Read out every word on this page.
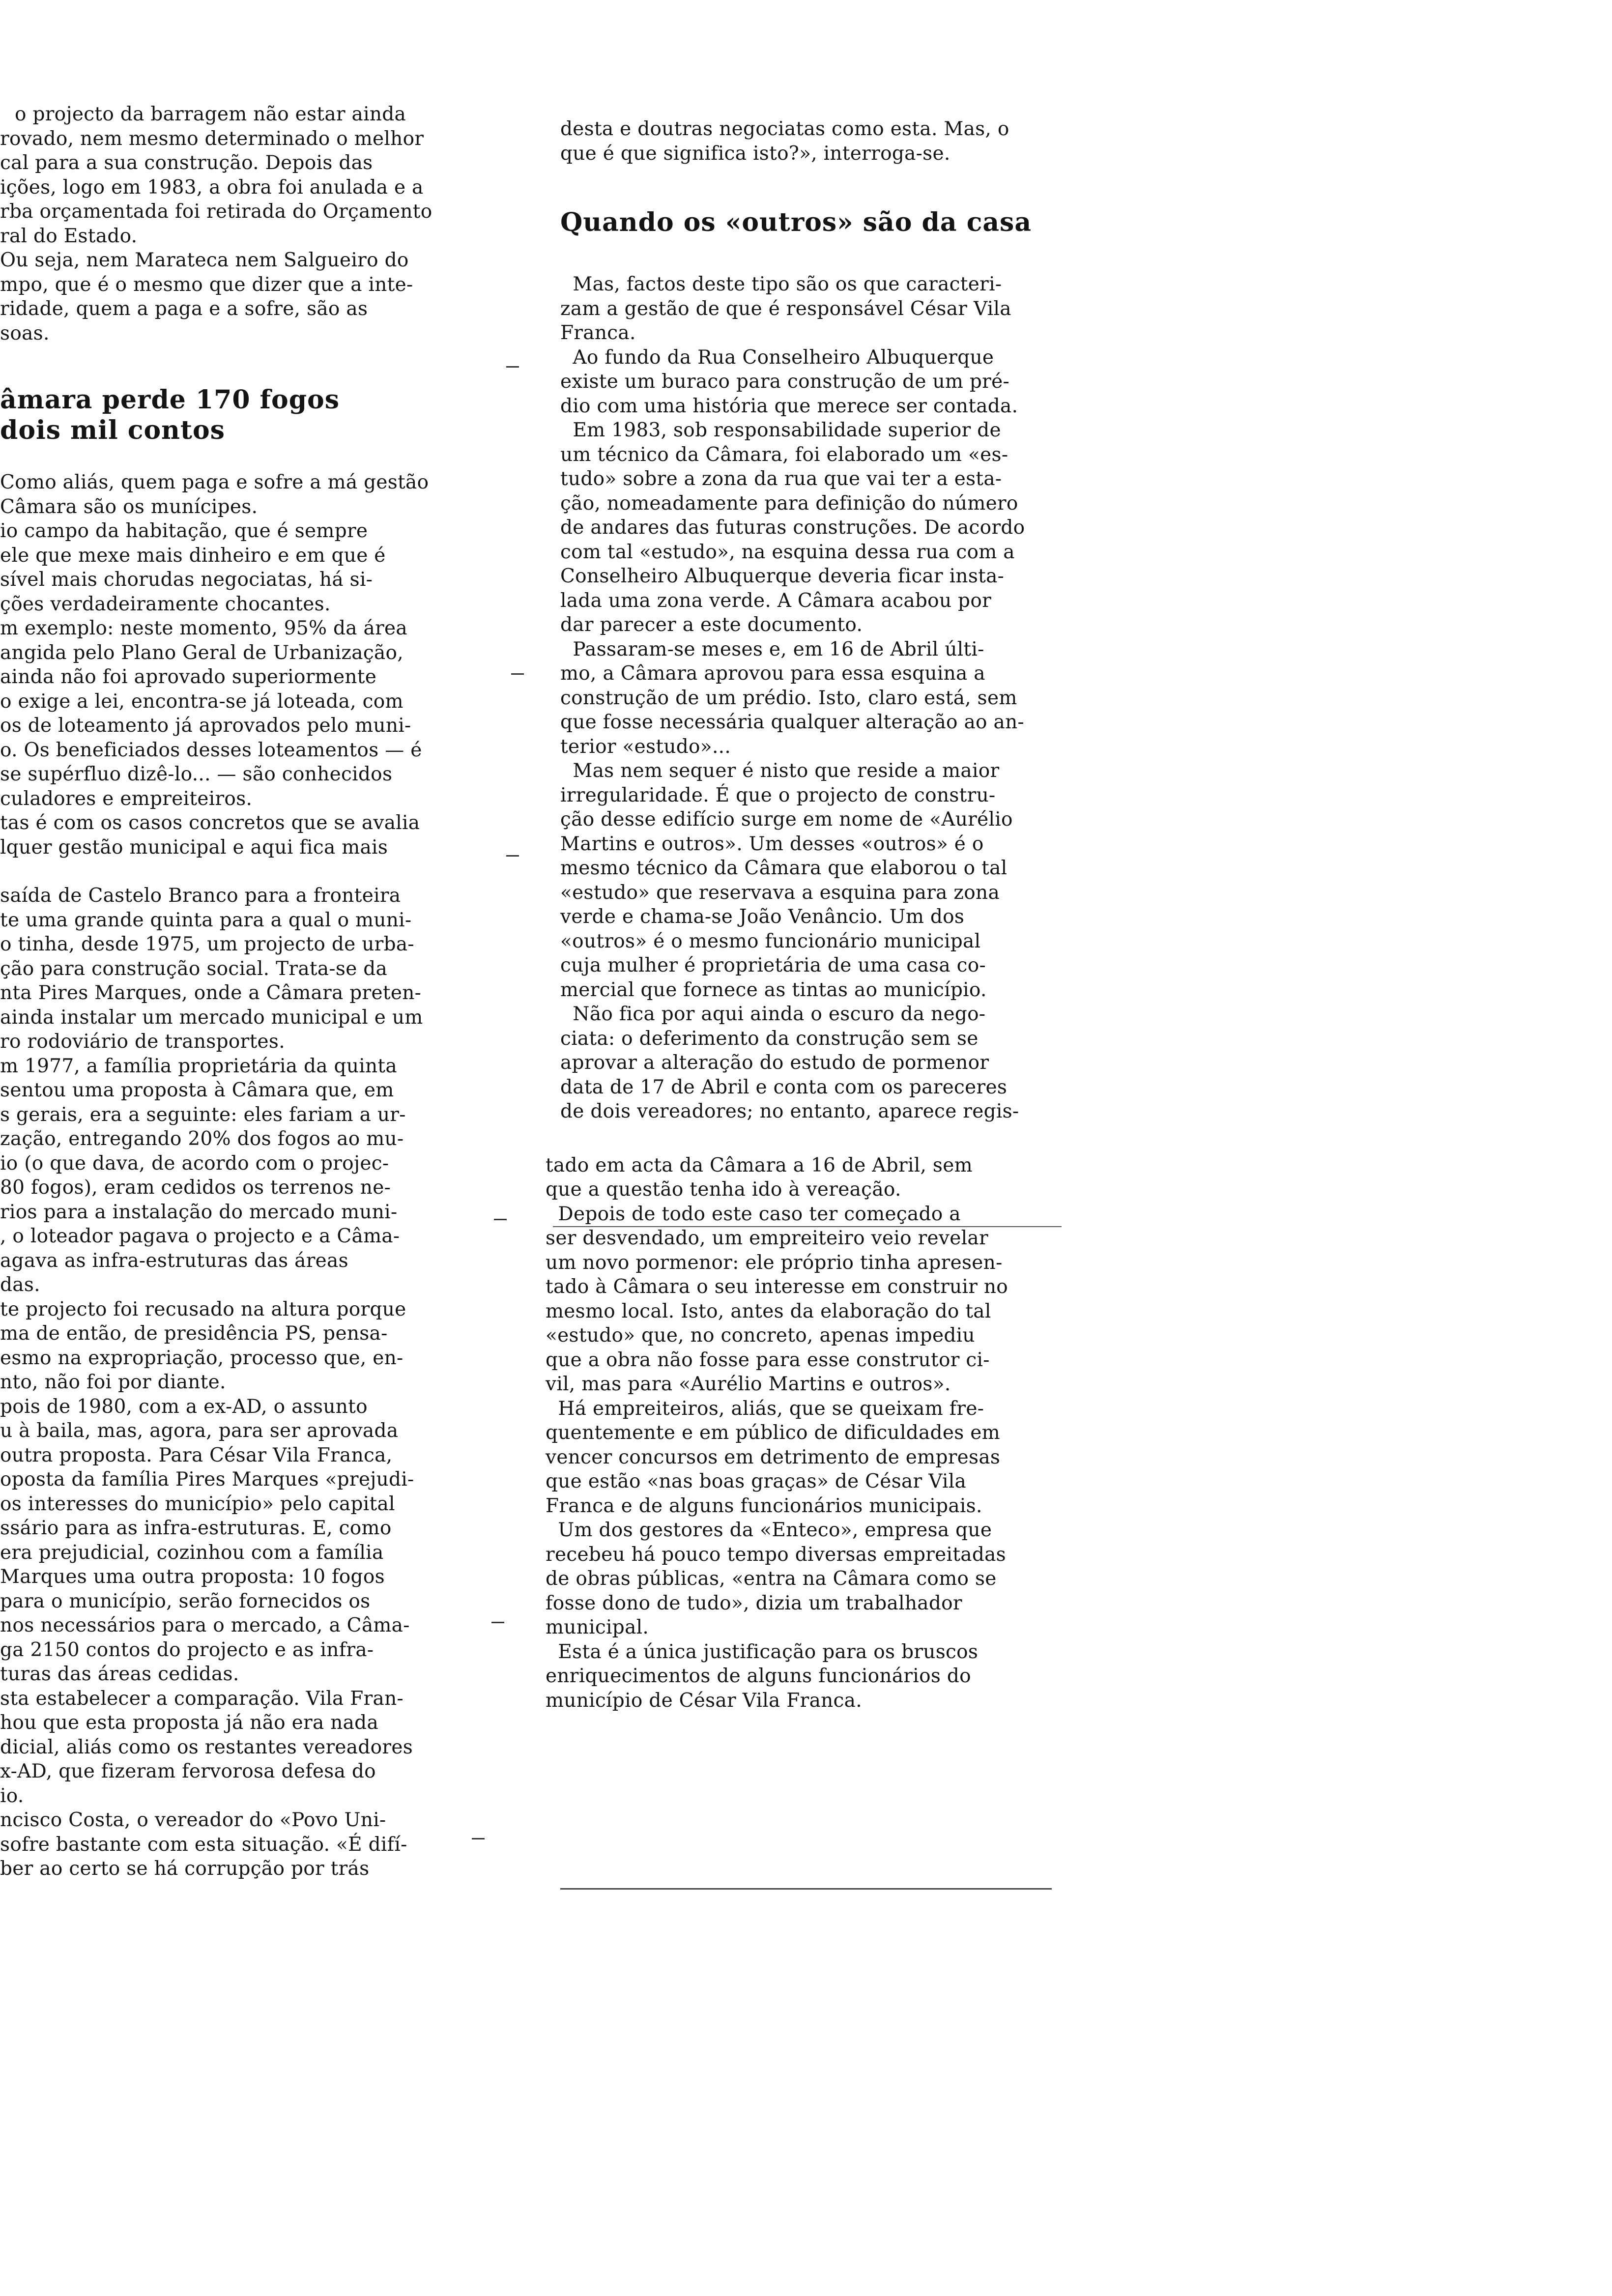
o projecto da barragem não estar ainda

rovado, nem mesmo determinado o melhor

cal para a sua construção. Depois das

ições, logo em 1983, a obra foi anulada e a

rba orçamentada foi retirada do Orçamento

ral do Estado.

Ou seja, nem Marateca nem Salgueiro do

mpo, que é o mesmo que dizer que a inte-

ridade, quem a paga e a sofre, são as

soas.

âmara perde 170 fogos

dois mil contos

Como aliás, quem paga e sofre a má gestão

Câmara são os munícipes.

io campo da habitação, que é sempre

ele que mexe mais dinheiro e em que é

sível mais chorudas negociatas, há si-

ções verdadeiramente chocantes.

m exemplo: neste momento, 95% da área

angida pelo Plano Geral de Urbanização,

ainda não foi aprovado superiormente

o exige a lei, encontra-se já loteada, com

os de loteamento já aprovados pelo muni-

o. Os beneficiados desses loteamentos — é

se supérfluo dizê-lo... — são conhecidos

culadores e empreiteiros.

tas é com os casos concretos que se avalia

lquer gestão municipal e aqui fica mais

saída de Castelo Branco para a fronteira

te uma grande quinta para a qual o muni-

o tinha, desde 1975, um projecto de urba-

ção para construção social. Trata-se da

nta Pires Marques, onde a Câmara preten-

ainda instalar um mercado municipal e um

ro rodoviário de transportes.

m 1977, a família proprietária da quinta

sentou uma proposta à Câmara que, em

s gerais, era a seguinte: eles fariam a ur-

zação, entregando 20% dos fogos ao mu-

io (o que dava, de acordo com o projec-

80 fogos), eram cedidos os terrenos ne-

rios para a instalação do mercado muni-

, o loteador pagava o projecto e a Câma-

agava as infra-estruturas das áreas

das.

te projecto foi recusado na altura porque

ma de então, de presidência PS, pensa-

esmo na expropriação, processo que, en-

nto, não foi por diante.

pois de 1980, com a ex-AD, o assunto

u à baila, mas, agora, para ser aprovada

outra proposta. Para César Vila Franca,

oposta da família Pires Marques «prejudi-

os interesses do município» pelo capital

ssário para as infra-estruturas. E, como

era prejudicial, cozinhou com a família

Marques uma outra proposta: 10 fogos

para o município, serão fornecidos os

nos necessários para o mercado, a Câma-

ga 2150 contos do projecto e as infra-

turas das áreas cedidas.

sta estabelecer a comparação. Vila Fran-

hou que esta proposta já não era nada

dicial, aliás como os restantes vereadores

x-AD, que fizeram fervorosa defesa do

io.

ncisco Costa, o vereador do «Povo Uni-

sofre bastante com esta situação. «É difí-

ber ao certo se há corrupção por trás

desta e doutras negociatas como esta. Mas, o

que é que significa isto?», interroga-se.

Quando os «outros» são da casa

Mas, factos deste tipo são os que caracteri-

zam a gestão de que é responsável César Vila

Franca.

Ao fundo da Rua Conselheiro Albuquerque

existe um buraco para construção de um pré-

dio com uma história que merece ser contada.

Em 1983, sob responsabilidade superior de

um técnico da Câmara, foi elaborado um «es-

tudo» sobre a zona da rua que vai ter a esta-

ção, nomeadamente para definição do número

de andares das futuras construções. De acordo

com tal «estudo», na esquina dessa rua com a

Conselheiro Albuquerque deveria ficar insta-

lada uma zona verde. A Câmara acabou por

dar parecer a este documento.

Passaram-se meses e, em 16 de Abril últi-

mo, a Câmara aprovou para essa esquina a

construção de um prédio. Isto, claro está, sem

que fosse necessária qualquer alteração ao an-

terior «estudo»...

Mas nem sequer é nisto que reside a maior

irregularidade. É que o projecto de constru-

ção desse edifício surge em nome de «Aurélio

Martins e outros». Um desses «outros» é o

mesmo técnico da Câmara que elaborou o tal

«estudo» que reservava a esquina para zona

verde e chama-se João Venâncio. Um dos

«outros» é o mesmo funcionário municipal

cuja mulher é proprietária de uma casa co-

mercial que fornece as tintas ao município.

Não fica por aqui ainda o escuro da nego-

ciata: o deferimento da construção sem se

aprovar a alteração do estudo de pormenor

data de 17 de Abril e conta com os pareceres

de dois vereadores; no entanto, aparece regis-

tado em acta da Câmara a 16 de Abril, sem

que a questão tenha ido à vereação.

Depois de todo este caso ter começado a

ser desvendado, um empreiteiro veio revelar

um novo pormenor: ele próprio tinha apresen-

tado à Câmara o seu interesse em construir no

mesmo local. Isto, antes da elaboração do tal

«estudo» que, no concreto, apenas impediu

que a obra não fosse para esse construtor ci-

vil, mas para «Aurélio Martins e outros».

Há empreiteiros, aliás, que se queixam fre-

quentemente e em público de dificuldades em

vencer concursos em detrimento de empresas

que estão «nas boas graças» de César Vila

Franca e de alguns funcionários municipais.

Um dos gestores da «Enteco», empresa que

recebeu há pouco tempo diversas empreitadas

de obras públicas, «entra na Câmara como se

fosse dono de tudo», dizia um trabalhador

municipal.

Esta é a única justificação para os bruscos

enriquecimentos de alguns funcionários do

município de César Vila Franca.
